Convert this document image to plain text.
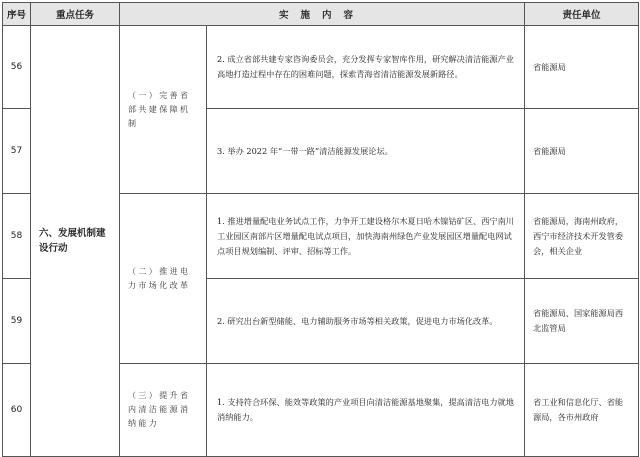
序号	重点任务	实施内容		责任单位
56	六、发展机制建设行动	（一）完善省部共建保障机制	2. 成立省部共建专家咨询委员会，充分发挥专家智库作用，研究解决清洁能源产业高地打造过程中存在的困难问题，探索青海省清洁能源发展新路径。	省能源局
57			3. 举办 2022 年“一带一路”清洁能源发展论坛。	省能源局
58		（二）推进电力市场化改革	1. 推进增量配电业务试点工作，力争开工建设格尔木夏日哈木镍钴矿区、西宁南川工业园区南部片区增量配电试点项目，加快海南州绿色产业发展园区增量配电网试点项目规划编制、评审、招标等工作。	省能源局，海南州政府，西宁市经济技术开发管委会，相关企业
59			2. 研究出台新型储能、电力辅助服务市场等相关政策，促进电力市场化改革。	省能源局、国家能源局西北监管局
60		（三）提升省内清洁能源消纳能力	1. 支持符合环保、能效等政策的产业项目向清洁能源基地聚集，提高清洁电力就地消纳能力。	省工业和信息化厅、省能源局，各市州政府
